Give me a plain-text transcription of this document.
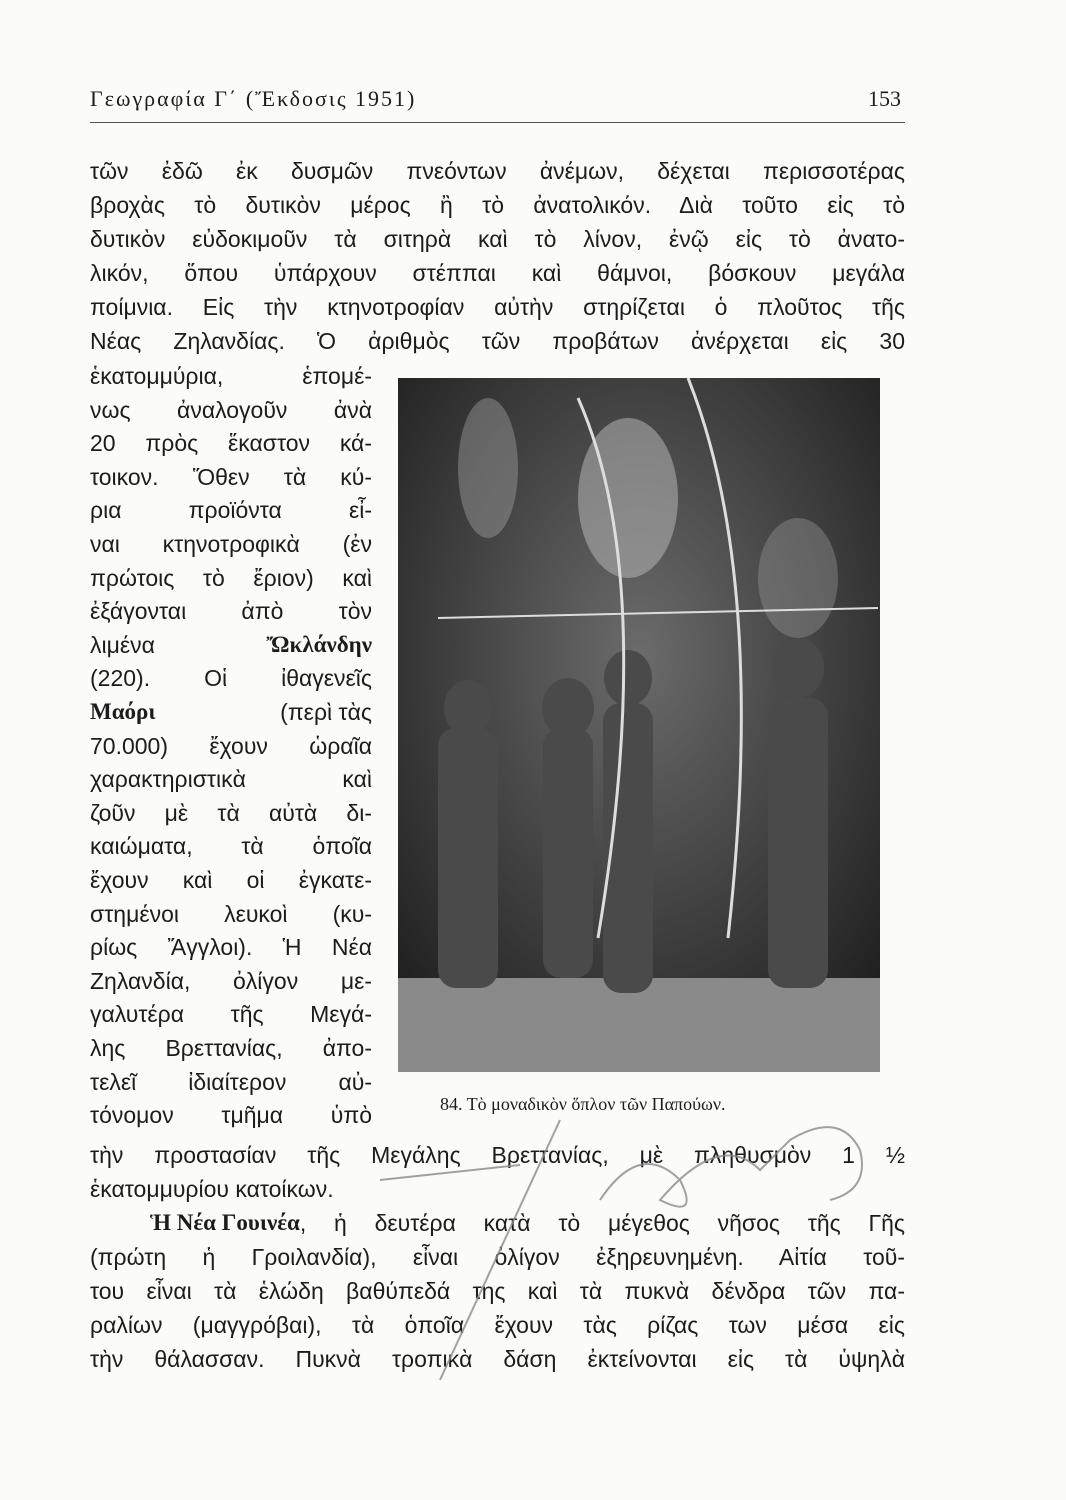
Γεωγραφία Γ΄ (Ἔκδοσις 1951)	153
τῶν ἐδῶ ἐκ δυσμῶν πνεόντων ἀνέμων, δέχεται περισσοτέρας
βροχὰς τὸ δυτικὸν μέρος ἢ τὸ ἀνατολικόν. Διὰ τοῦτο εἰς τὸ
δυτικὸν εὐδοκιμοῦν τὰ σιτηρὰ καὶ τὸ λίνον, ἐνῷ εἰς τὸ ἀνατο-
λικόν, ὅπου ὑπάρχουν στέππαι καὶ θάμνοι, βόσκουν μεγάλα
ποίμνια. Εἰς τὴν κτηνοτροφίαν αὐτὴν στηρίζεται ὁ πλοῦτος τῆς
Νέας Ζηλανδίας. Ὁ ἀριθμὸς τῶν προβάτων ἀνέρχεται εἰς 30
ἑκατομμύρια, ἑπομέ-
νως ἀναλογοῦν ἀνὰ
20 πρὸς ἕκαστον κά-
τοικον. Ὅθεν τὰ κύ-
ρια προϊόντα εἶ-
ναι κτηνοτροφικὰ (ἐν
πρώτοις τὸ ἔριον) καὶ
ἐξάγονται ἀπὸ τὸν
λιμένα	Ὤκλάνδην
(220). Οἱ ἰθαγενεῖς
Μαόρι	(περὶ τὰς
70.000) ἔχουν ὡραῖα
χαρακτηριστικὰ καὶ
ζοῦν μὲ τὰ αὐτὰ δι-
καιώματα, τὰ ὁποῖα
ἔχουν καὶ οἱ ἐγκατε-
στημένοι λευκοὶ (κυ-
ρίως Ἄγγλοι). Ἡ Νέα
Ζηλανδία, ὀλίγον με-
γαλυτέρα τῆς Μεγά-
λης Βρεττανίας, ἀπο-
τελεῖ ἰδιαίτερον αὐ-
τόνομον τμῆμα ὑπὸ	84. Τὸ μοναδικὸν ὅπλον τῶν Παπούων.
τὴν προστασίαν τῆς Μεγάλης Βρεττανίας, μὲ πληθυσμὸν 1 ½
ἑκατομμυρίου κατοίκων.
Ἡ Νέα Γουινέα , ἡ δευτέρα κατὰ τὸ μέγεθος νῆσος τῆς Γῆς
(πρώτη ἡ Γροιλανδία), εἶναι ὀλίγον ἐξηρευνημένη. Αἰτία τοῦ-
του εἶναι τὰ ἑλώδη βαθύπεδά της καὶ τὰ πυκνὰ δένδρα τῶν πα-
ραλίων (μαγγρόβαι), τὰ ὁποῖα ἔχουν τὰς ρίζας των μέσα εἰς
τὴν θάλασσαν. Πυκνὰ τροπικὰ δάση ἐκτείνονται εἰς τὰ ὑψηλὰ
